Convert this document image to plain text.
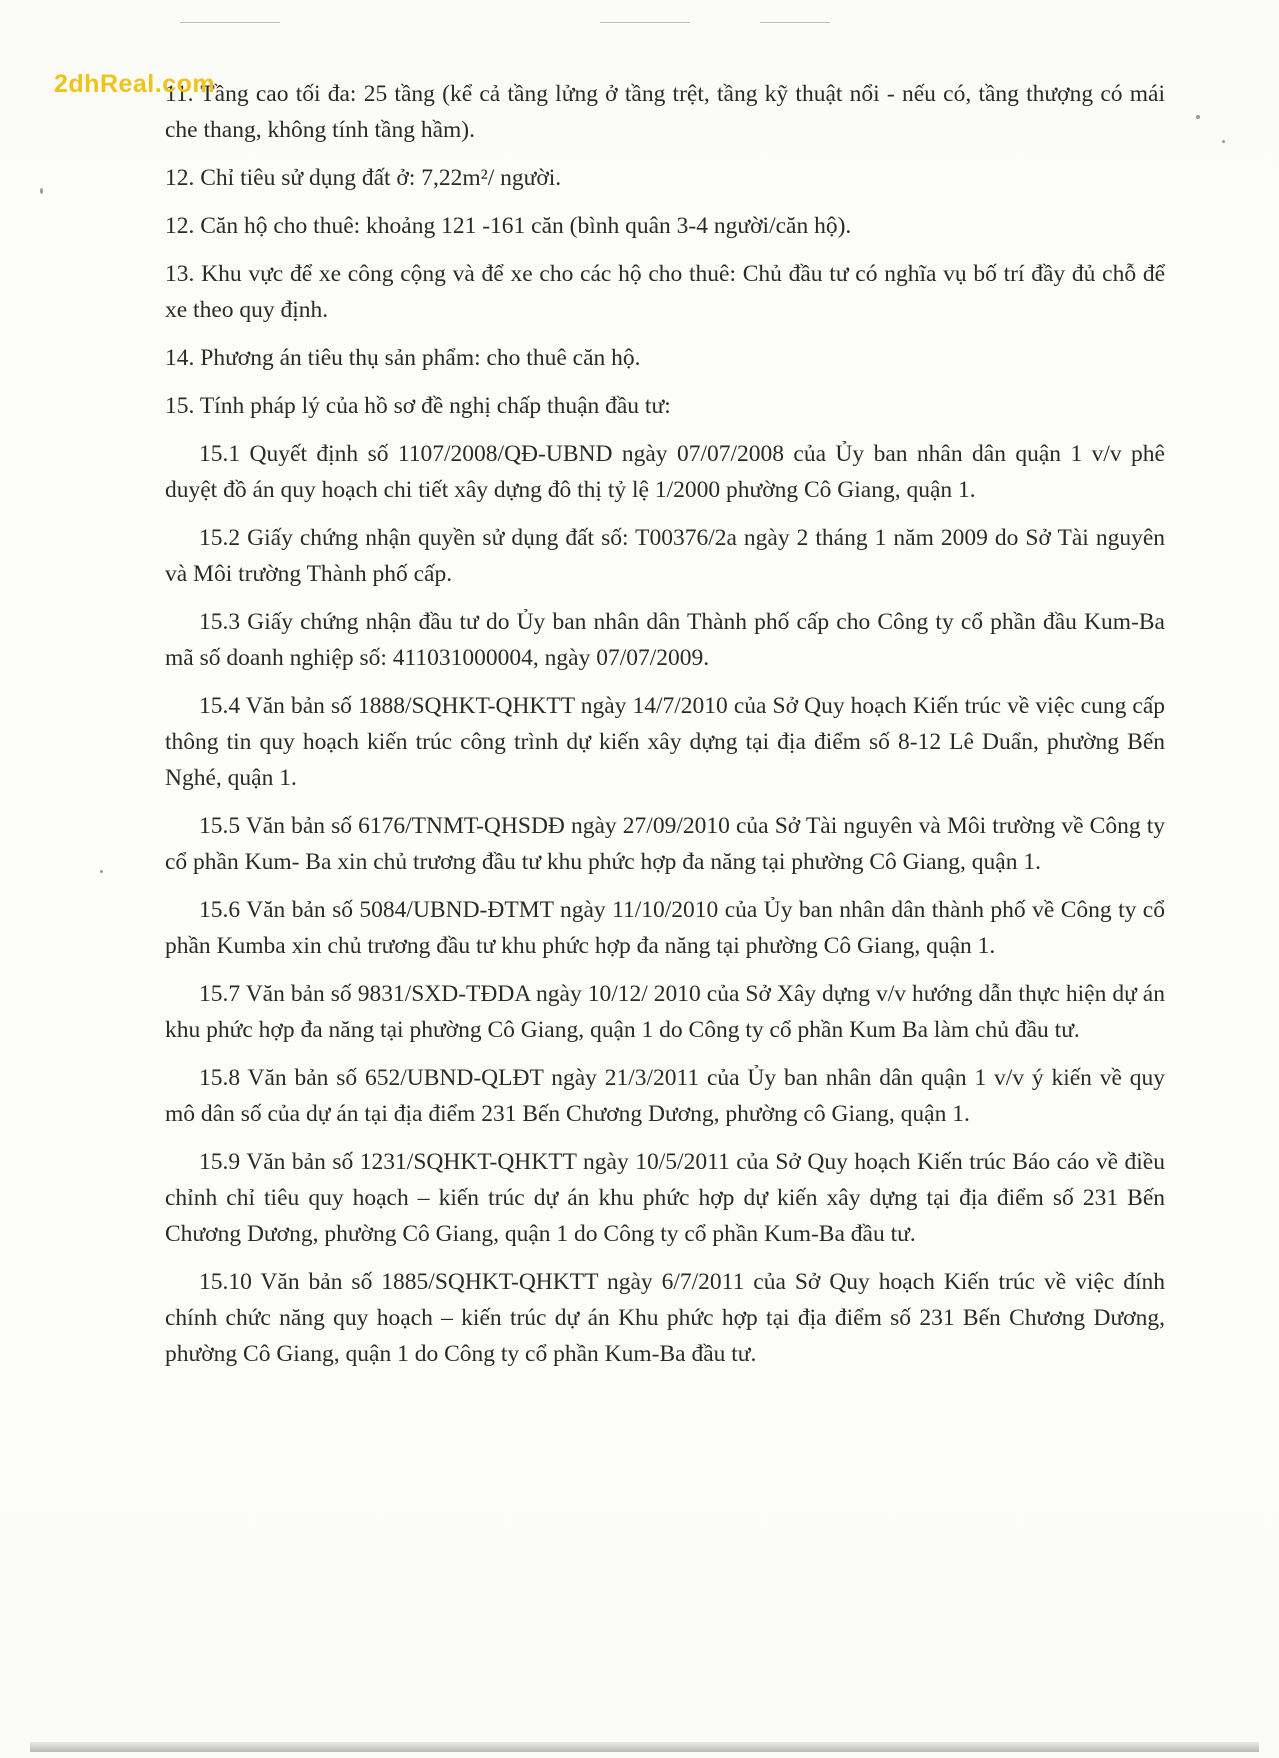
2dhReal.com

11. Tầng cao tối đa: 25 tầng (kể cả tầng lửng ở tầng trệt, tầng kỹ thuật nổi - nếu có, tầng thượng có mái che thang, không tính tầng hầm).

12. Chỉ tiêu sử dụng đất ở: 7,22m²/ người.

12. Căn hộ cho thuê: khoảng 121 -161 căn (bình quân 3-4 người/căn hộ).

13. Khu vực để xe công cộng và để xe cho các hộ cho thuê: Chủ đầu tư có nghĩa vụ bố trí đầy đủ chỗ để xe theo quy định.

14. Phương án tiêu thụ sản phẩm: cho thuê căn hộ.

15. Tính pháp lý của hồ sơ đề nghị chấp thuận đầu tư:

15.1 Quyết định số 1107/2008/QĐ-UBND ngày 07/07/2008 của Ủy ban nhân dân quận 1 v/v phê duyệt đồ án quy hoạch chi tiết xây dựng đô thị tỷ lệ 1/2000 phường Cô Giang, quận 1.

15.2 Giấy chứng nhận quyền sử dụng đất số: T00376/2a ngày 2 tháng 1 năm 2009 do Sở Tài nguyên và Môi trường Thành phố cấp.

15.3 Giấy chứng nhận đầu tư do Ủy ban nhân dân Thành phố cấp cho Công ty cổ phần đầu Kum-Ba mã số doanh nghiệp số: 411031000004, ngày 07/07/2009.

15.4 Văn bản số 1888/SQHKT-QHKTT ngày 14/7/2010 của Sở Quy hoạch Kiến trúc về việc cung cấp thông tin quy hoạch kiến trúc công trình dự kiến xây dựng tại địa điểm số 8-12 Lê Duẩn, phường Bến Nghé, quận 1.

15.5 Văn bản số 6176/TNMT-QHSDĐ ngày 27/09/2010 của Sở Tài nguyên và Môi trường về Công ty cổ phần Kum- Ba xin chủ trương đầu tư khu phức hợp đa năng tại phường Cô Giang, quận 1.

15.6 Văn bản số 5084/UBND-ĐTMT ngày 11/10/2010 của Ủy ban nhân dân thành phố về Công ty cổ phần Kumba xin chủ trương đầu tư khu phức hợp đa năng tại phường Cô Giang, quận 1.

15.7 Văn bản số 9831/SXD-TĐDA ngày 10/12/ 2010 của Sở Xây dựng v/v hướng dẫn thực hiện dự án khu phức hợp đa năng tại phường Cô Giang, quận 1 do Công ty cổ phần Kum Ba làm chủ đầu tư.

15.8 Văn bản số 652/UBND-QLĐT ngày 21/3/2011 của Ủy ban nhân dân quận 1 v/v ý kiến về quy mô dân số của dự án tại địa điểm 231 Bến Chương Dương, phường cô Giang, quận 1.

15.9 Văn bản số 1231/SQHKT-QHKTT ngày 10/5/2011 của Sở Quy hoạch Kiến trúc Báo cáo về điều chỉnh chỉ tiêu quy hoạch – kiến trúc dự án khu phức hợp dự kiến xây dựng tại địa điểm số 231 Bến Chương Dương, phường Cô Giang, quận 1 do Công ty cổ phần Kum-Ba đầu tư.

15.10 Văn bản số 1885/SQHKT-QHKTT ngày 6/7/2011 của Sở Quy hoạch Kiến trúc về việc đính chính chức năng quy hoạch – kiến trúc dự án Khu phức hợp tại địa điểm số 231 Bến Chương Dương, phường Cô Giang, quận 1 do Công ty cổ phần Kum-Ba đầu tư.
